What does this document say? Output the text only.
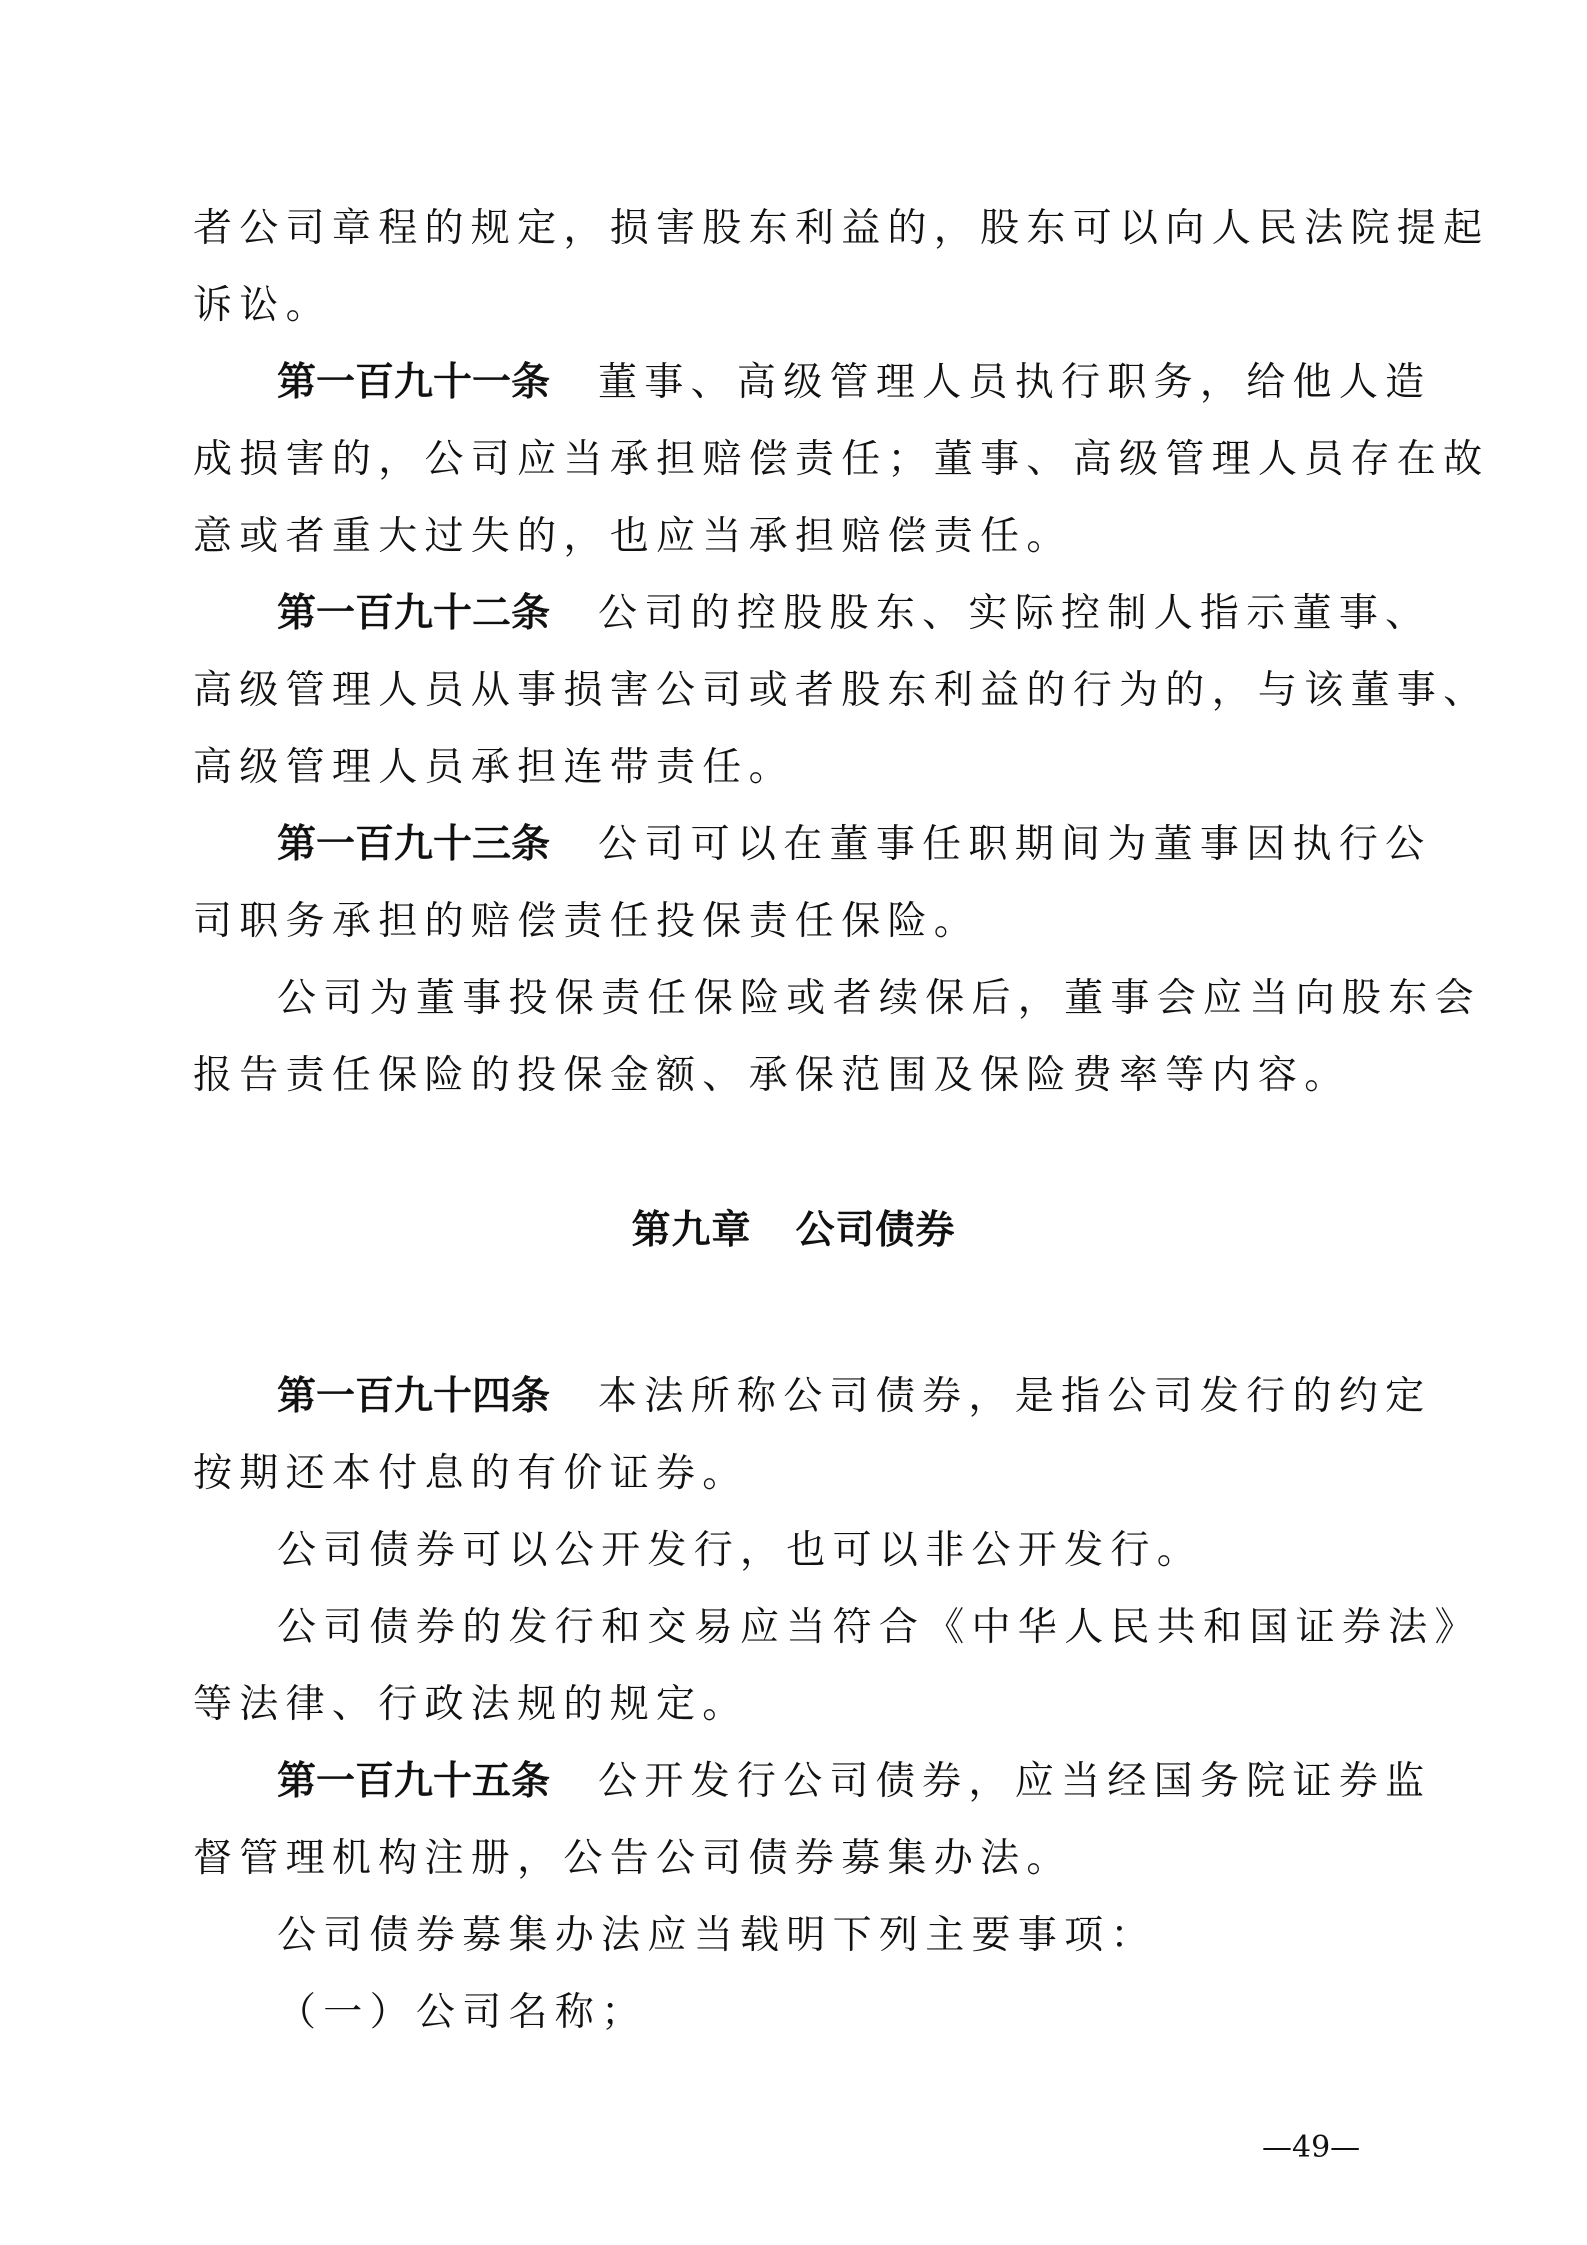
者公司章程的规定，损害股东利益的，股东可以向人民法院提起
诉讼。
第一百九十一条 董事、高级管理人员执行职务，给他人造
成损害的，公司应当承担赔偿责任；董事、高级管理人员存在故
意或者重大过失的，也应当承担赔偿责任。
第一百九十二条 公司的控股股东、实际控制人指示董事、
高级管理人员从事损害公司或者股东利益的行为的，与该董事、
高级管理人员承担连带责任。
第一百九十三条 公司可以在董事任职期间为董事因执行公
司职务承担的赔偿责任投保责任保险。
公司为董事投保责任保险或者续保后，董事会应当向股东会
报告责任保险的投保金额、承保范围及保险费率等内容。
第九章 公司债券
第一百九十四条 本法所称公司债券，是指公司发行的约定
按期还本付息的有价证券。
公司债券可以公开发行，也可以非公开发行。
公司债券的发行和交易应当符合《中华人民共和国证券法》
等法律、行政法规的规定。
第一百九十五条 公开发行公司债券，应当经国务院证券监
督管理机构注册，公告公司债券募集办法。
公司债券募集办法应当载明下列主要事项：
（一）公司名称；
—49—
